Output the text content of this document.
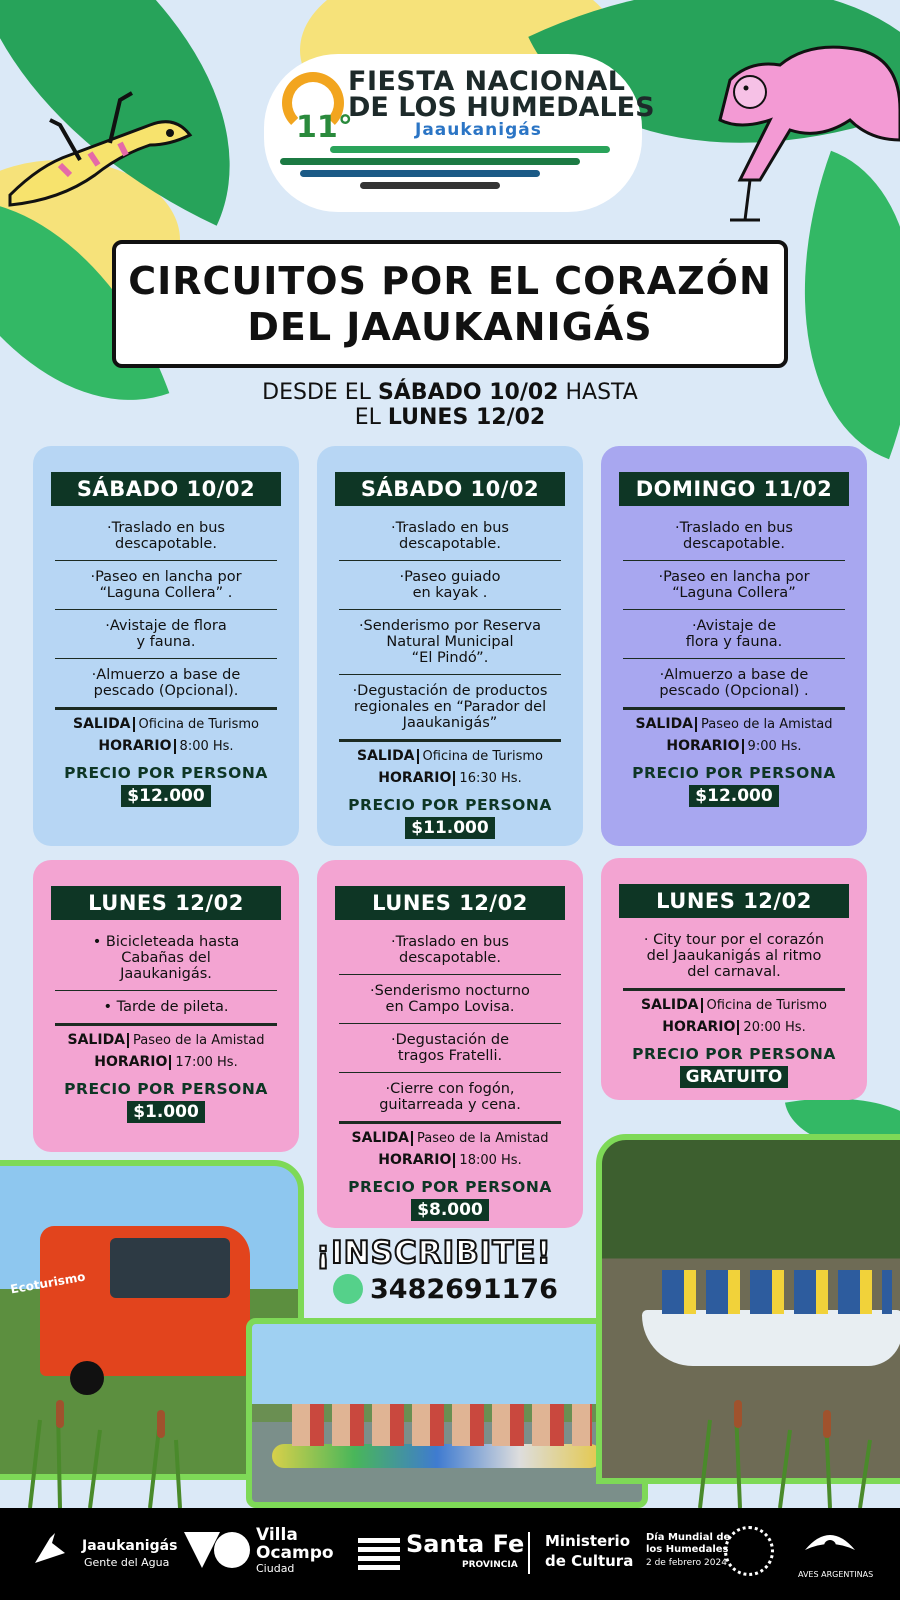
11°
FIESTA NACIONAL
DE LOS HUMEDALES
Jaaukanigás
CIRCUITOS POR EL CORAZÓN
DEL JAAUKANIGÁS
DESDE EL SÁBADO 10/02 HASTA
EL LUNES 12/02
SÁBADO 10/02
·Traslado en bus
descapotable.
·Paseo en lancha por
“Laguna Collera” .
·Avistaje de flora
y fauna.
·Almuerzo a base de
pescado (Opcional).
SALIDA Oficina de Turismo
HORARIO 8:00 Hs.
PRECIO POR PERSONA
$12.000
SÁBADO 10/02
·Traslado en bus
descapotable.
·Paseo guiado
en kayak .
·Senderismo por Reserva
Natural Municipal
“El Pindó”.
·Degustación de productos
regionales en “Parador del
Jaaukanigás”
SALIDA Oficina de Turismo
HORARIO 16:30 Hs.
PRECIO POR PERSONA
$11.000
DOMINGO 11/02
·Traslado en bus
descapotable.
·Paseo en lancha por
“Laguna Collera”
·Avistaje de
flora y fauna.
·Almuerzo a base de
pescado (Opcional) .
SALIDA Paseo de la Amistad
HORARIO 9:00 Hs.
PRECIO POR PERSONA
$12.000
LUNES 12/02
• Bicicleteada hasta
Cabañas del
Jaaukanigás.
• Tarde de pileta.
SALIDA Paseo de la Amistad
HORARIO 17:00 Hs.
PRECIO POR PERSONA
$1.000
LUNES 12/02
·Traslado en bus
descapotable.
·Senderismo nocturno
en Campo Lovisa.
·Degustación de
tragos Fratelli.
·Cierre con fogón,
guitarreada y cena.
SALIDA Paseo de la Amistad
HORARIO 18:00 Hs.
PRECIO POR PERSONA
$8.000
LUNES 12/02
· City tour por el corazón
del Jaaukanigás al ritmo
del carnaval.
SALIDA Oficina de Turismo
HORARIO 20:00 Hs.
PRECIO POR PERSONA
GRATUITO
Ecoturismo
¡INSCRIBITE!
3482691176
Jaaukanigás
Gente del Agua
Villa
Ocampo
Ciudad
Santa Fe
PROVINCIA
Ministerio
de Cultura
Día Mundial de
los Humedales
2 de febrero 2024
AVES ARGENTINAS
